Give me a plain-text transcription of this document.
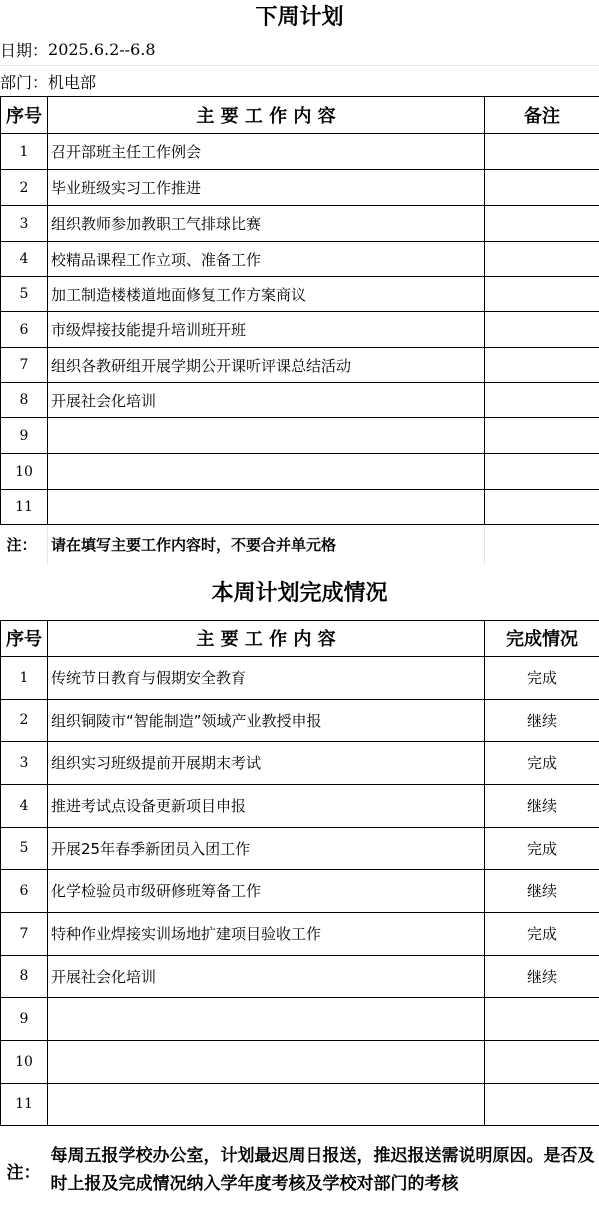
下周计划
日期： 2025.6.2--6.8
部门： 机电部
序号	主 要 工 作 内 容	备注
1	召开部班主任工作例会	
2	毕业班级实习工作推进	
3	组织教师参加教职工气排球比赛	
4	校精品课程工作立项、准备工作	
5	加工制造楼楼道地面修复工作方案商议	
6	市级焊接技能提升培训班开班	
7	组织各教研组开展学期公开课听评课总结活动	
8	开展社会化培训	
9		
10		
11		
注：	请在填写主要工作内容时，不要合并单元格	
本周计划完成情况
序号	主 要 工 作 内 容	完成情况
1	传统节日教育与假期安全教育	完成
2	组织铜陵市“智能制造”领域产业教授申报	继续
3	组织实习班级提前开展期末考试	完成
4	推进考试点设备更新项目申报	继续
5	开展25年春季新团员入团工作	完成
6	化学检验员市级研修班筹备工作	继续
7	特种作业焊接实训场地扩建项目验收工作	完成
8	开展社会化培训	继续
9		
10		
11		
注：	每周五报学校办公室，计划最迟周日报送，推迟报送需说明原因。是否及时上报及完成情况纳入学年度考核及学校对部门的考核	
